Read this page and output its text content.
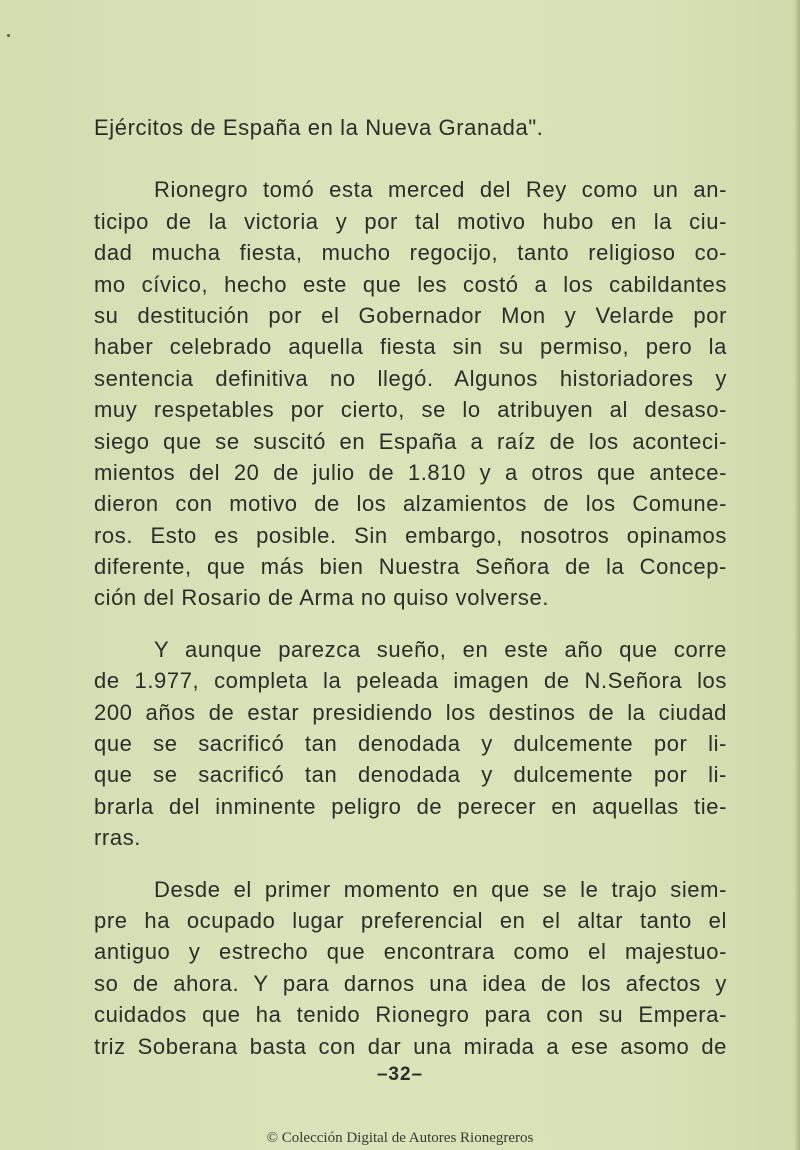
Ejércitos de España en la Nueva Granada".
Rionegro tomó esta merced del Rey como un an-
ticipo de la victoria y por tal motivo hubo en la ciu-
dad mucha fiesta, mucho regocijo, tanto religioso co-
mo cívico, hecho este que les costó a los cabildantes
su destitución por el Gobernador Mon y Velarde por
haber celebrado aquella fiesta sin su permiso, pero la
sentencia definitiva no llegó. Algunos historiadores y
muy respetables por cierto, se lo atribuyen al desaso-
siego que se suscitó en España a raíz de los aconteci-
mientos del 20 de julio de 1.810 y a otros que antece-
dieron con motivo de los alzamientos de los Comune-
ros. Esto es posible. Sin embargo, nosotros opinamos
diferente, que más bien Nuestra Señora de la Concep-
ción del Rosario de Arma no quiso volverse.
Y aunque parezca sueño, en este año que corre
de 1.977, completa la peleada imagen de N.Señora los
200 años de estar presidiendo los destinos de la ciudad
que se sacrificó tan denodada y dulcemente por li-
que se sacrificó tan denodada y dulcemente por li-
brarla del inminente peligro de perecer en aquellas tie-
rras.
Desde el primer momento en que se le trajo siem-
pre ha ocupado lugar preferencial en el altar tanto el
antiguo y estrecho que encontrara como el majestuo-
so de ahora. Y para darnos una idea de los afectos y
cuidados que ha tenido Rionegro para con su Empera-
triz Soberana basta con dar una mirada a ese asomo de
–32–
© Colección Digital de Autores Rionegreros
